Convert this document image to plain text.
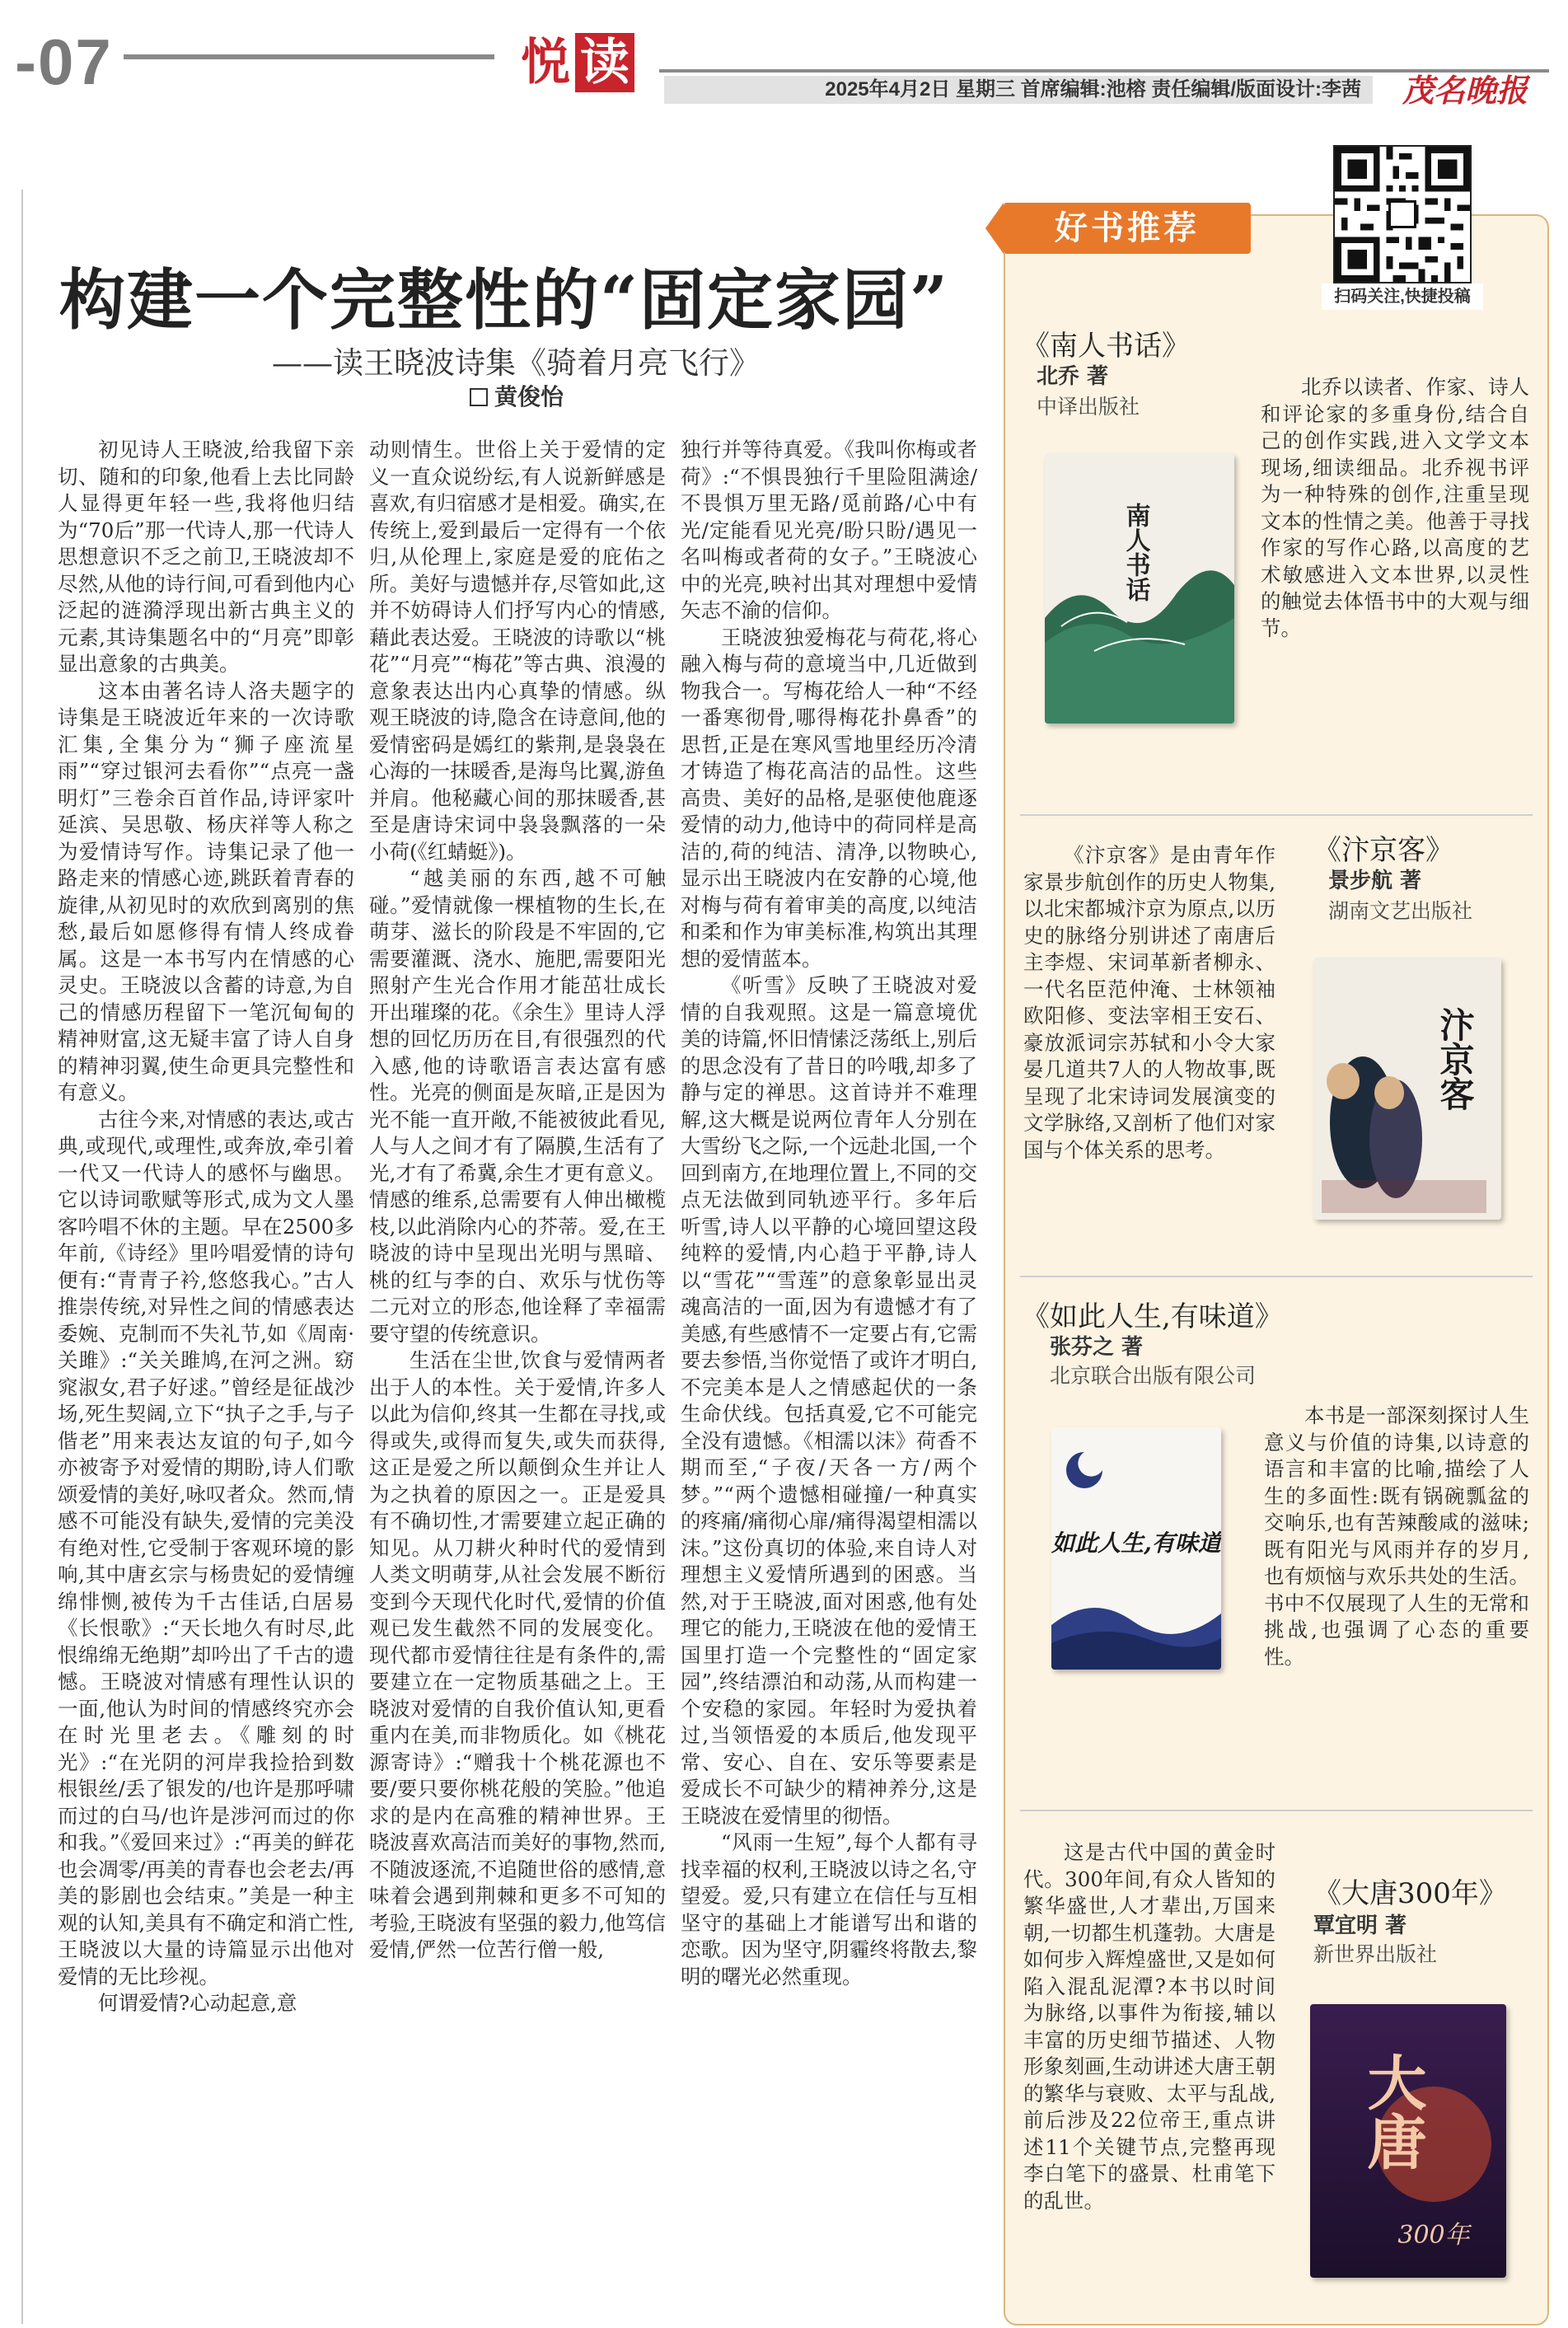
-07	悦 读	2025年4月2日 星期三 首席编辑:池榕 责任编辑/版面设计:李茜	茂名晚报
构建一个完整性的“固定家园”
——读王晓波诗集《骑着月亮飞行》
黄俊怡

初见诗人王晓波,给我留下亲切、随和的印象,他看上去比同龄人显得更年轻一些,我将他归结为“70后”那一代诗人,那一代诗人思想意识不乏之前卫,王晓波却不尽然,从他的诗行间,可看到他内心泛起的涟漪浮现出新古典主义的元素,其诗集题名中的“月亮”即彰显出意象的古典美。

这本由著名诗人洛夫题字的诗集是王晓波近年来的一次诗歌汇集,全集分为“狮子座流星雨”“穿过银河去看你”“点亮一盏明灯”三卷余百首作品,诗评家叶延滨、吴思敬、杨庆祥等人称之为爱情诗写作。诗集记录了他一路走来的情感心迹,跳跃着青春的旋律,从初见时的欢欣到离别的焦愁,最后如愿修得有情人终成眷属。这是一本书写内在情感的心灵史。王晓波以含蓄的诗意,为自己的情感历程留下一笔沉甸甸的精神财富,这无疑丰富了诗人自身的精神羽翼,使生命更具完整性和有意义。

古往今来,对情感的表达,或古典,或现代,或理性,或奔放,牵引着一代又一代诗人的感怀与幽思。它以诗词歌赋等形式,成为文人墨客吟唱不休的主题。早在2500多年前,《诗经》里吟唱爱情的诗句便有:“青青子衿,悠悠我心。”古人推崇传统,对异性之间的情感表达委婉、克制而不失礼节,如《周南·关雎》:“关关雎鸠,在河之洲。窈窕淑女,君子好逑。”曾经是征战沙场,死生契阔,立下“执子之手,与子偕老”用来表达友谊的句子,如今亦被寄予对爱情的期盼,诗人们歌颂爱情的美好,咏叹者众。然而,情感不可能没有缺失,爱情的完美没有绝对性,它受制于客观环境的影响,其中唐玄宗与杨贵妃的爱情缠绵悱恻,被传为千古佳话,白居易《长恨歌》:“天长地久有时尽,此恨绵绵无绝期”却吟出了千古的遗憾。王晓波对情感有理性认识的一面,他认为时间的情感终究亦会在时光里老去。《雕刻的时光》:“在光阴的河岸我捡拾到数根银丝/丢了银发的/也许是那呼啸而过的白马/也许是涉河而过的你和我。”《爱回来过》:“再美的鲜花也会凋零/再美的青春也会老去/再美的影剧也会结束。”美是一种主观的认知,美具有不确定和消亡性,王晓波以大量的诗篇显示出他对爱情的无比珍视。

何谓爱情?心动起意,意

动则情生。世俗上关于爱情的定义一直众说纷纭,有人说新鲜感是喜欢,有归宿感才是相爱。确实,在传统上,爱到最后一定得有一个依归,从伦理上,家庭是爱的庇佑之所。美好与遗憾并存,尽管如此,这并不妨碍诗人们抒写内心的情感,藉此表达爱。王晓波的诗歌以“桃花”“月亮”“梅花”等古典、浪漫的意象表达出内心真挚的情感。纵观王晓波的诗,隐含在诗意间,他的爱情密码是嫣红的紫荆,是袅袅在心海的一抹暖香,是海鸟比翼,游鱼并肩。他秘藏心间的那抹暖香,甚至是唐诗宋词中袅袅飘落的一朵小荷(《红蜻蜓》)。

“越美丽的东西,越不可触碰。”爱情就像一棵植物的生长,在萌芽、滋长的阶段是不牢固的,它需要灌溉、浇水、施肥,需要阳光照射产生光合作用才能茁壮成长开出璀璨的花。《余生》里诗人浮想的回忆历历在目,有很强烈的代入感,他的诗歌语言表达富有感性。光亮的侧面是灰暗,正是因为光不能一直开敞,不能被彼此看见,人与人之间才有了隔膜,生活有了光,才有了希冀,余生才更有意义。情感的维系,总需要有人伸出橄榄枝,以此消除内心的芥蒂。爱,在王晓波的诗中呈现出光明与黑暗、桃的红与李的白、欢乐与忧伤等二元对立的形态,他诠释了幸福需要守望的传统意识。

生活在尘世,饮食与爱情两者出于人的本性。关于爱情,许多人以此为信仰,终其一生都在寻找,或得或失,或得而复失,或失而获得,这正是爱之所以颠倒众生并让人为之执着的原因之一。正是爱具有不确切性,才需要建立起正确的知见。从刀耕火种时代的爱情到人类文明萌芽,从社会发展不断衍变到今天现代化时代,爱情的价值观已发生截然不同的发展变化。现代都市爱情往往是有条件的,需要建立在一定物质基础之上。王晓波对爱情的自我价值认知,更看重内在美,而非物质化。如《桃花源寄诗》:“赠我十个桃花源也不要/要只要你桃花般的笑脸。”他追求的是内在高雅的精神世界。王晓波喜欢高洁而美好的事物,然而,不随波逐流,不追随世俗的感情,意味着会遇到荆棘和更多不可知的考验,王晓波有坚强的毅力,他笃信爱情,俨然一位苦行僧一般,

独行并等待真爱。《我叫你梅或者荷》:“不惧畏独行千里险阻满途/不畏惧万里无路/觅前路/心中有光/定能看见光亮/盼只盼/遇见一名叫梅或者荷的女子。”王晓波心中的光亮,映衬出其对理想中爱情矢志不渝的信仰。

王晓波独爱梅花与荷花,将心融入梅与荷的意境当中,几近做到物我合一。写梅花给人一种“不经一番寒彻骨,哪得梅花扑鼻香”的思哲,正是在寒风雪地里经历冷清才铸造了梅花高洁的品性。这些高贵、美好的品格,是驱使他鹿逐爱情的动力,他诗中的荷同样是高洁的,荷的纯洁、清净,以物映心,显示出王晓波内在安静的心境,他对梅与荷有着审美的高度,以纯洁和柔和作为审美标准,构筑出其理想的爱情蓝本。

《听雪》反映了王晓波对爱情的自我观照。这是一篇意境优美的诗篇,怀旧情愫泛荡纸上,别后的思念没有了昔日的吟哦,却多了静与定的禅思。这首诗并不难理解,这大概是说两位青年人分别在大雪纷飞之际,一个远赴北国,一个回到南方,在地理位置上,不同的交点无法做到同轨迹平行。多年后听雪,诗人以平静的心境回望这段纯粹的爱情,内心趋于平静,诗人以“雪花”“雪莲”的意象彰显出灵魂高洁的一面,因为有遗憾才有了美感,有些感情不一定要占有,它需要去参悟,当你觉悟了或许才明白,不完美本是人之情感起伏的一条生命伏线。包括真爱,它不可能完全没有遗憾。《相濡以沫》荷香不期而至,“子夜/天各一方/两个梦。”“两个遗憾相碰撞/一种真实的疼痛/痛彻心扉/痛得渴望相濡以沫。”这份真切的体验,来自诗人对理想主义爱情所遇到的困惑。当然,对于王晓波,面对困惑,他有处理它的能力,王晓波在他的爱情王国里打造一个完整性的“固定家园”,终结漂泊和动荡,从而构建一个安稳的家园。年轻时为爱执着过,当领悟爱的本质后,他发现平常、安心、自在、安乐等要素是爱成长不可缺少的精神养分,这是王晓波在爱情里的彻悟。

“风雨一生短”,每个人都有寻找幸福的权利,王晓波以诗之名,守望爱。爱,只有建立在信任与互相坚守的基础上才能谱写出和谐的恋歌。因为坚守,阴霾终将散去,黎明的曙光必然重现。

好书推荐
扫码关注,快捷投稿
《南人书话》
北乔 著
中译出版社
南人书话

北乔以读者、作家、诗人和评论家的多重身份,结合自己的创作实践,进入文学文本现场,细读细品。北乔视书评为一种特殊的创作,注重呈现文本的性情之美。他善于寻找作家的写作心路,以高度的艺术敏感进入文本世界,以灵性的触觉去体悟书中的大观与细节。

《汴京客》是由青年作家景步航创作的历史人物集,以北宋都城汴京为原点,以历史的脉络分别讲述了南唐后主李煜、宋词革新者柳永、一代名臣范仲淹、士林领袖欧阳修、变法宰相王安石、豪放派词宗苏轼和小令大家晏几道共7人的人物故事,既呈现了北宋诗词发展演变的文学脉络,又剖析了他们对家国与个体关系的思考。

《汴京客》
景步航 著
湖南文艺出版社
汴京客
《如此人生,有味道》
张芬之 著
北京联合出版有限公司
如此人生,有味道

本书是一部深刻探讨人生意义与价值的诗集,以诗意的语言和丰富的比喻,描绘了人生的多面性:既有锅碗瓢盆的交响乐,也有苦辣酸咸的滋味;既有阳光与风雨并存的岁月,也有烦恼与欢乐共处的生活。书中不仅展现了人生的无常和挑战,也强调了心态的重要性。

这是古代中国的黄金时代。300年间,有众人皆知的繁华盛世,人才辈出,万国来朝,一切都生机蓬勃。大唐是如何步入辉煌盛世,又是如何陷入混乱泥潭?本书以时间为脉络,以事件为衔接,辅以丰富的历史细节描述、人物形象刻画,生动讲述大唐王朝的繁华与衰败、太平与乱战,前后涉及22位帝王,重点讲述11个关键节点,完整再现李白笔下的盛景、杜甫笔下的乱世。

《大唐300年》
覃宜明 著
新世界出版社
大唐
300年
